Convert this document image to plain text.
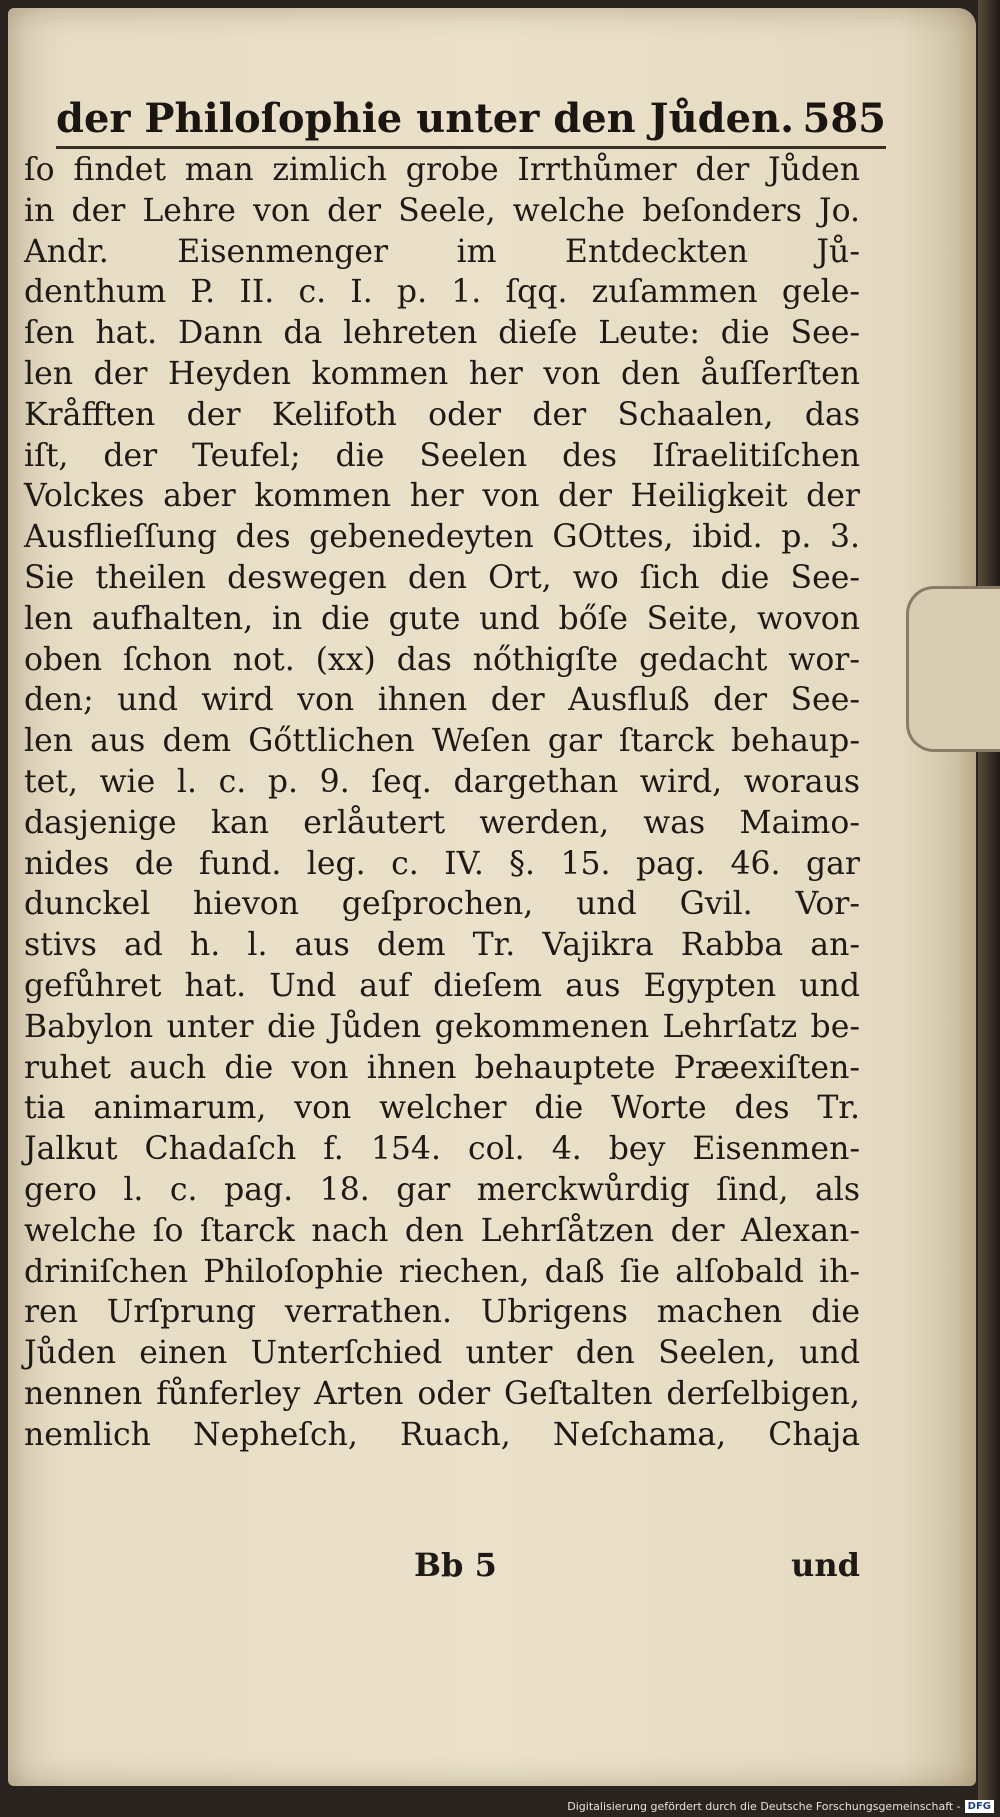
der Philoſophie unter den Jůden. 585
ſo findet man zimlich grobe Irrthůmer der Jůden
in der Lehre von der Seele, welche beſonders Jo.
Andr. Eisenmenger im Entdeckten Jů-
denthum P. II. c. I. p. 1. ſqq. zuſammen gele-
ſen hat. Dann da lehreten dieſe Leute: die See-
len der Heyden kommen her von den åuſſerſten
Kråfften der Kelifoth oder der Schaalen, das
iſt, der Teufel; die Seelen des Iſraelitiſchen
Volckes aber kommen her von der Heiligkeit der
Ausflieſſung des gebenedeyten GOttes, ibid. p. 3.
Sie theilen deswegen den Ort, wo ſich die See-
len aufhalten, in die gute und bőſe Seite, wovon
oben ſchon not. (xx) das nőthigſte gedacht wor-
den; und wird von ihnen der Ausfluß der See-
len aus dem Gőttlichen Weſen gar ſtarck behaup-
tet, wie l. c. p. 9. ſeq. dargethan wird, woraus
dasjenige kan erlåutert werden, was Maimo-
nides de fund. leg. c. IV. §. 15. pag. 46. gar
dunckel hievon geſprochen, und Gvil. Vor-
stivs ad h. l. aus dem Tr. Vajikra Rabba an-
gefůhret hat. Und auf dieſem aus Egypten und
Babylon unter die Jůden gekommenen Lehrſatz be-
ruhet auch die von ihnen behauptete Præexiſten-
tia animarum, von welcher die Worte des Tr.
Jalkut Chadaſch f. 154. col. 4. bey Eisenmen-
gero l. c. pag. 18. gar merckwůrdig ſind, als
welche ſo ſtarck nach den Lehrſåtzen der Alexan-
driniſchen Philoſophie riechen, daß ſie alſobald ih-
ren Urſprung verrathen. Ubrigens machen die
Jůden einen Unterſchied unter den Seelen, und
nennen fůnferley Arten oder Geſtalten derſelbigen,
nemlich Nepheſch, Ruach, Neſchama, Chaja
Bb 5	und
Digitalisierung gefördert durch die Deutsche Forschungsgemeinschaft - DFG
